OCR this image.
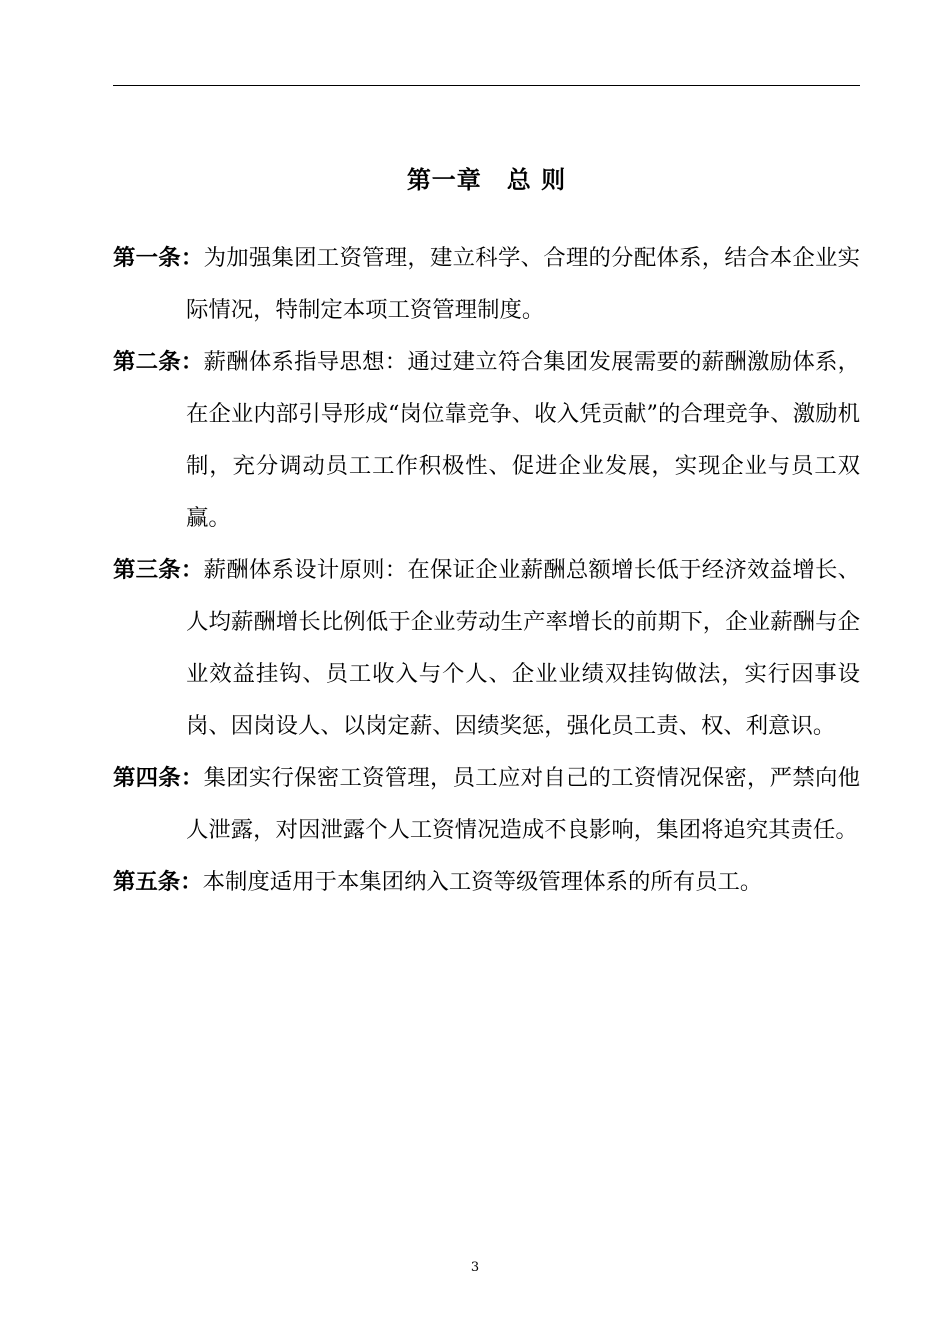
第一章　总 则

第一条：为加强集团工资管理，建立科学、合理的分配体系，结合本企业实际情况，特制定本项工资管理制度。

第二条：薪酬体系指导思想：通过建立符合集团发展需要的薪酬激励体系，在企业内部引导形成“岗位靠竞争、收入凭贡献”的合理竞争、激励机制，充分调动员工工作积极性、促进企业发展，实现企业与员工双赢。

第三条：薪酬体系设计原则：在保证企业薪酬总额增长低于经济效益增长、人均薪酬增长比例低于企业劳动生产率增长的前期下，企业薪酬与企业效益挂钩、员工收入与个人、企业业绩双挂钩做法，实行因事设岗、因岗设人、以岗定薪、因绩奖惩，强化员工责、权、利意识。

第四条：集团实行保密工资管理，员工应对自己的工资情况保密，严禁向他人泄露，对因泄露个人工资情况造成不良影响，集团将追究其责任。

第五条：本制度适用于本集团纳入工资等级管理体系的所有员工。

3
